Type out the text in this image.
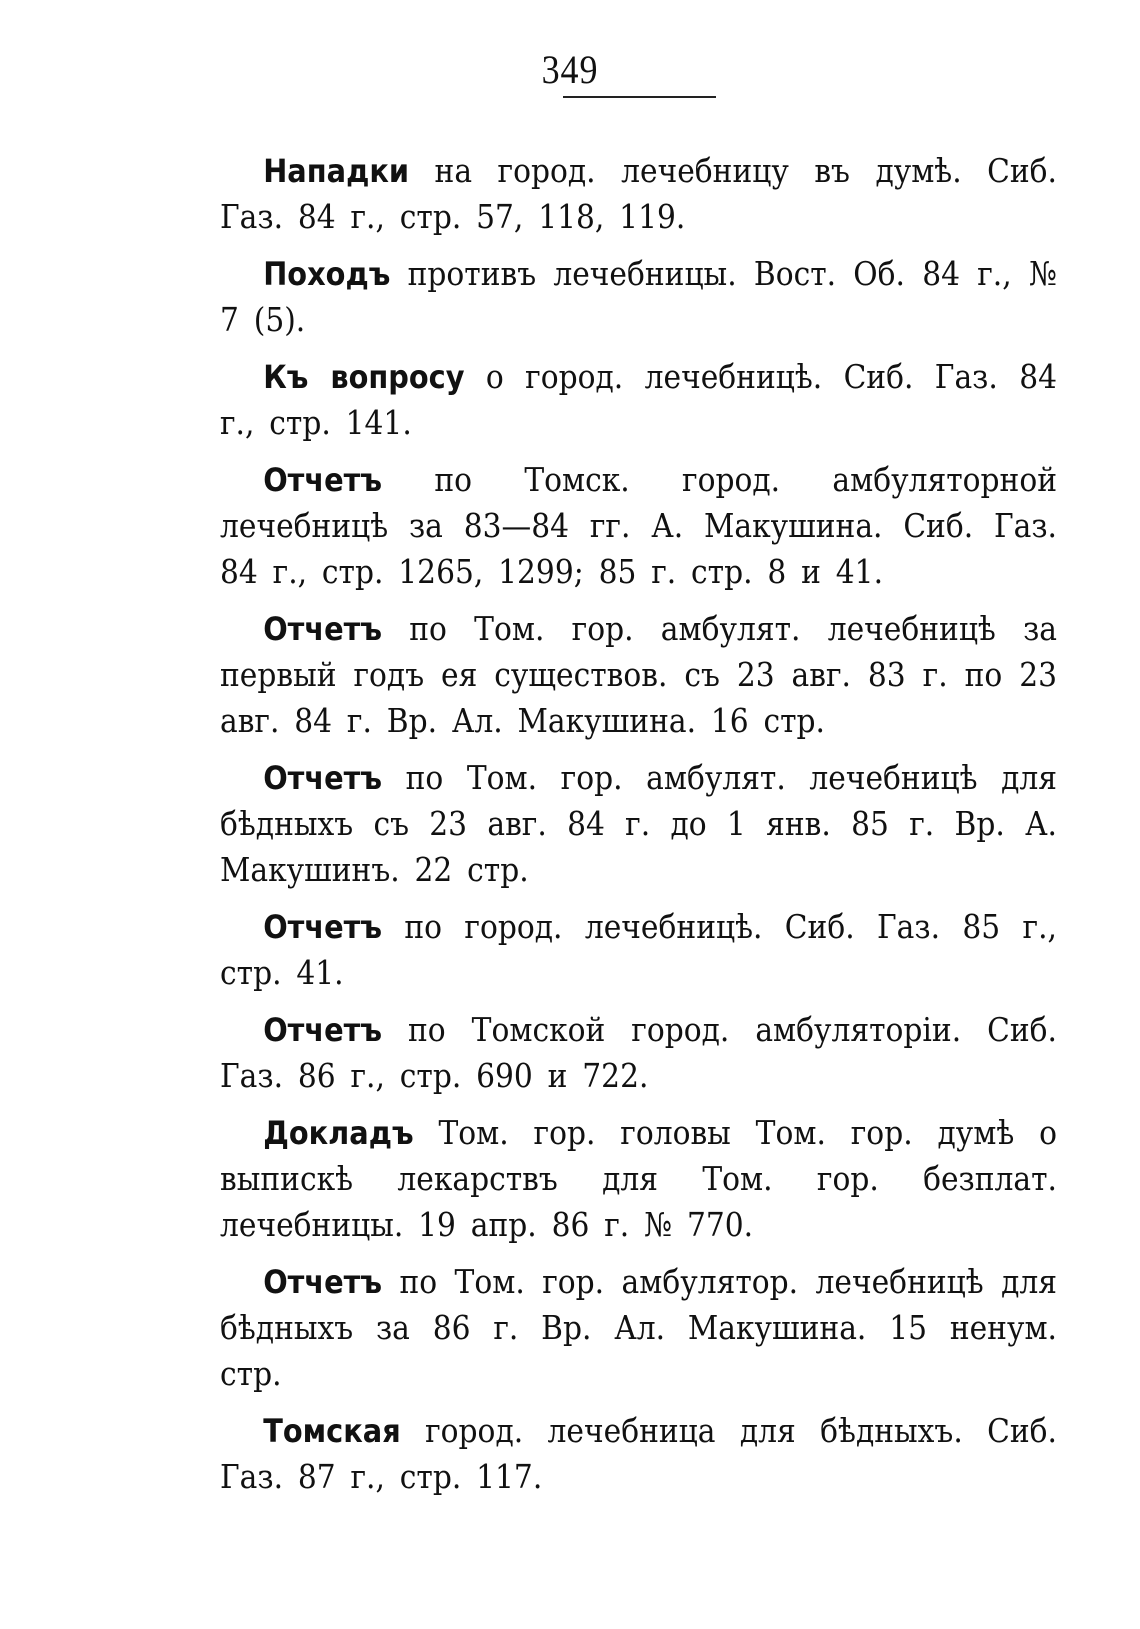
349

Нападки на город. лечебницу въ думѣ. Сиб. Газ. 84 г., стр. 57, 118, 119.

Походъ противъ лечебницы. Вост. Об. 84 г., № 7 (5).

Къ вопросу о город. лечебницѣ. Сиб. Газ. 84 г., стр. 141.

Отчетъ по Томск. город. амбуляторной лечебницѣ за 83—84 гг. А. Макушина. Сиб. Газ. 84 г., стр. 1265, 1299; 85 г. стр. 8 и 41.

Отчетъ по Том. гор. амбулят. лечебницѣ за первый годъ ея существов. съ 23 авг. 83 г. по 23 авг. 84 г. Вр. Ал. Макушина. 16 стр.

Отчетъ по Том. гор. амбулят. лечебницѣ для бѣдныхъ съ 23 авг. 84 г. до 1 янв. 85 г. Вр. А. Макушинъ. 22 стр.

Отчетъ по город. лечебницѣ. Сиб. Газ. 85 г., стр. 41.

Отчетъ по Томской город. амбуляторіи. Сиб. Газ. 86 г., стр. 690 и 722.

Докладъ Том. гор. головы Том. гор. думѣ о выпискѣ лекарствъ для Том. гор. безплат. лечебницы. 19 апр. 86 г. № 770.

Отчетъ по Том. гор. амбулятор. лечебницѣ для бѣдныхъ за 86 г. Вр. Ал. Макушина. 15 ненум. стр.

Томская город. лечебница для бѣдныхъ. Сиб. Газ. 87 г., стр. 117.
